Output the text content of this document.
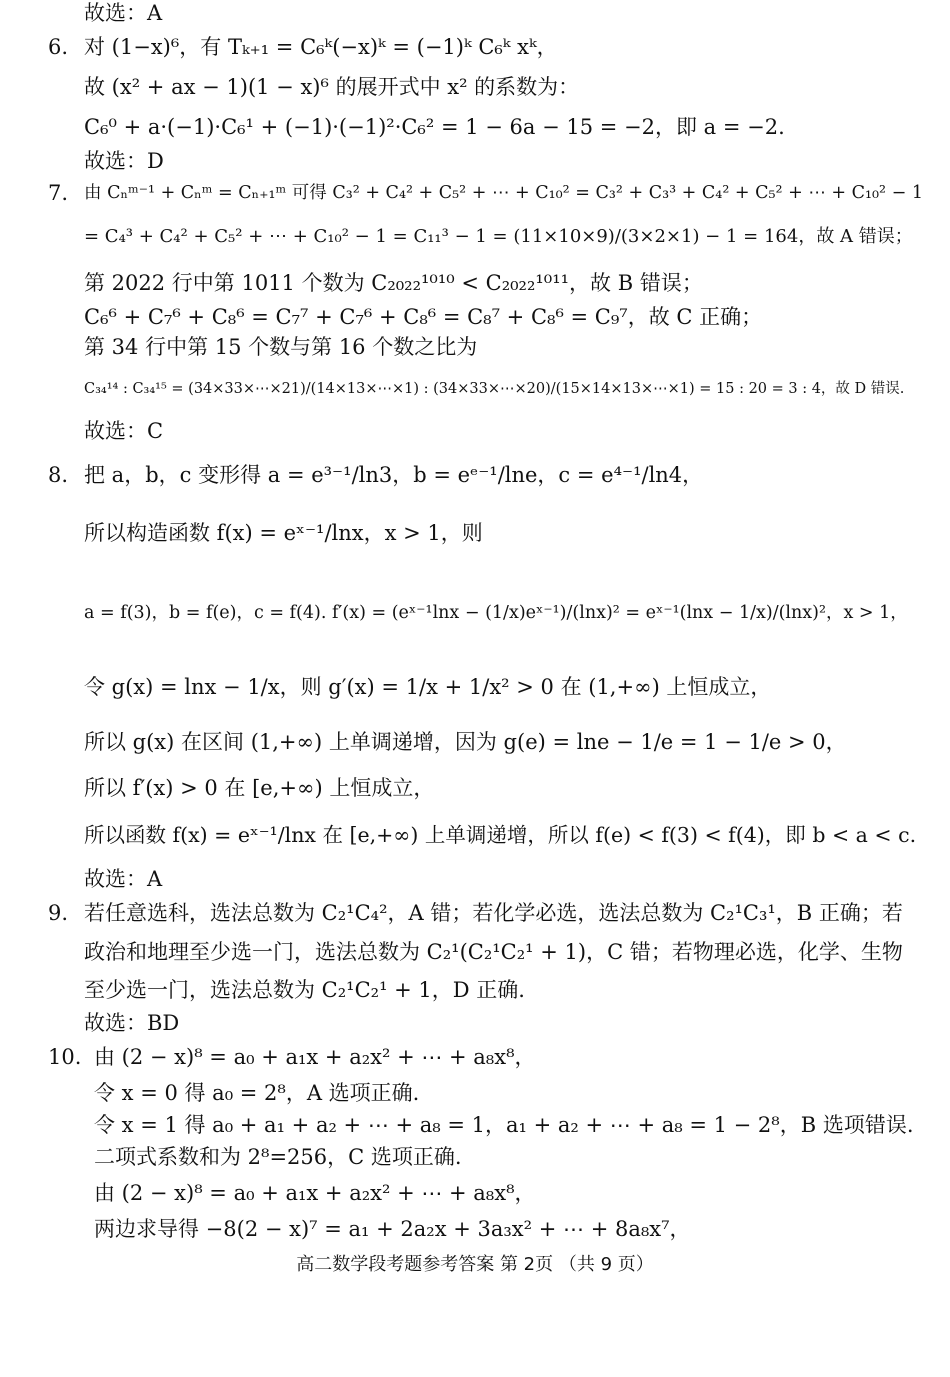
故选：A
6. 对 (1−x)⁶，有 Tₖ₊₁ = C₆ᵏ(−x)ᵏ = (−1)ᵏ C₆ᵏ xᵏ，
故 (x² + ax − 1)(1 − x)⁶ 的展开式中 x² 的系数为：
C₆⁰ + a·(−1)·C₆¹ + (−1)·(−1)²·C₆² = 1 − 6a − 15 = −2，即 a = −2.
故选：D
7. 由 Cₙᵐ⁻¹ + Cₙᵐ = Cₙ₊₁ᵐ 可得 C₃² + C₄² + C₅² + ⋯ + C₁₀² = C₃² + C₃³ + C₄² + C₅² + ⋯ + C₁₀² − 1
= C₄³ + C₄² + C₅² + ⋯ + C₁₀² − 1 = C₁₁³ − 1 = (11×10×9)/(3×2×1) − 1 = 164，故 A 错误；
第 2022 行中第 1011 个数为 C₂₀₂₂¹⁰¹⁰ < C₂₀₂₂¹⁰¹¹，故 B 错误；
C₆⁶ + C₇⁶ + C₈⁶ = C₇⁷ + C₇⁶ + C₈⁶ = C₈⁷ + C₈⁶ = C₉⁷，故 C 正确；
第 34 行中第 15 个数与第 16 个数之比为
C₃₄¹⁴ : C₃₄¹⁵ = (34×33×⋯×21)/(14×13×⋯×1) : (34×33×⋯×20)/(15×14×13×⋯×1) = 15 : 20 = 3 : 4，故 D 错误.
故选：C
8. 把 a，b，c 变形得 a = e³⁻¹/ln3，b = eᵉ⁻¹/lne，c = e⁴⁻¹/ln4，
所以构造函数 f(x) = eˣ⁻¹/lnx，x > 1，则
a = f(3)，b = f(e)，c = f(4). f′(x) = (eˣ⁻¹lnx − (1/x)eˣ⁻¹)/(lnx)² = eˣ⁻¹(lnx − 1/x)/(lnx)²，x > 1，
令 g(x) = lnx − 1/x，则 g′(x) = 1/x + 1/x² > 0 在 (1,+∞) 上恒成立，
所以 g(x) 在区间 (1,+∞) 上单调递增，因为 g(e) = lne − 1/e = 1 − 1/e > 0，
所以 f′(x) > 0 在 [e,+∞) 上恒成立，
所以函数 f(x) = eˣ⁻¹/lnx 在 [e,+∞) 上单调递增，所以 f(e) < f(3) < f(4)，即 b < a < c.
故选：A
9. 若任意选科，选法总数为 C₂¹C₄²，A 错；若化学必选，选法总数为 C₂¹C₃¹，B 正确；若
政治和地理至少选一门，选法总数为 C₂¹(C₂¹C₂¹ + 1)，C 错；若物理必选，化学、生物
至少选一门，选法总数为 C₂¹C₂¹ + 1，D 正确.
故选：BD
10. 由 (2 − x)⁸ = a₀ + a₁x + a₂x² + ⋯ + a₈x⁸，
令 x = 0 得 a₀ = 2⁸，A 选项正确.
令 x = 1 得 a₀ + a₁ + a₂ + ⋯ + a₈ = 1，a₁ + a₂ + ⋯ + a₈ = 1 − 2⁸，B 选项错误.
二项式系数和为 2⁸=256，C 选项正确.
由 (2 − x)⁸ = a₀ + a₁x + a₂x² + ⋯ + a₈x⁸，
两边求导得 −8(2 − x)⁷ = a₁ + 2a₂x + 3a₃x² + ⋯ + 8a₈x⁷，
高二数学段考题参考答案 第 2页 （共 9 页）
